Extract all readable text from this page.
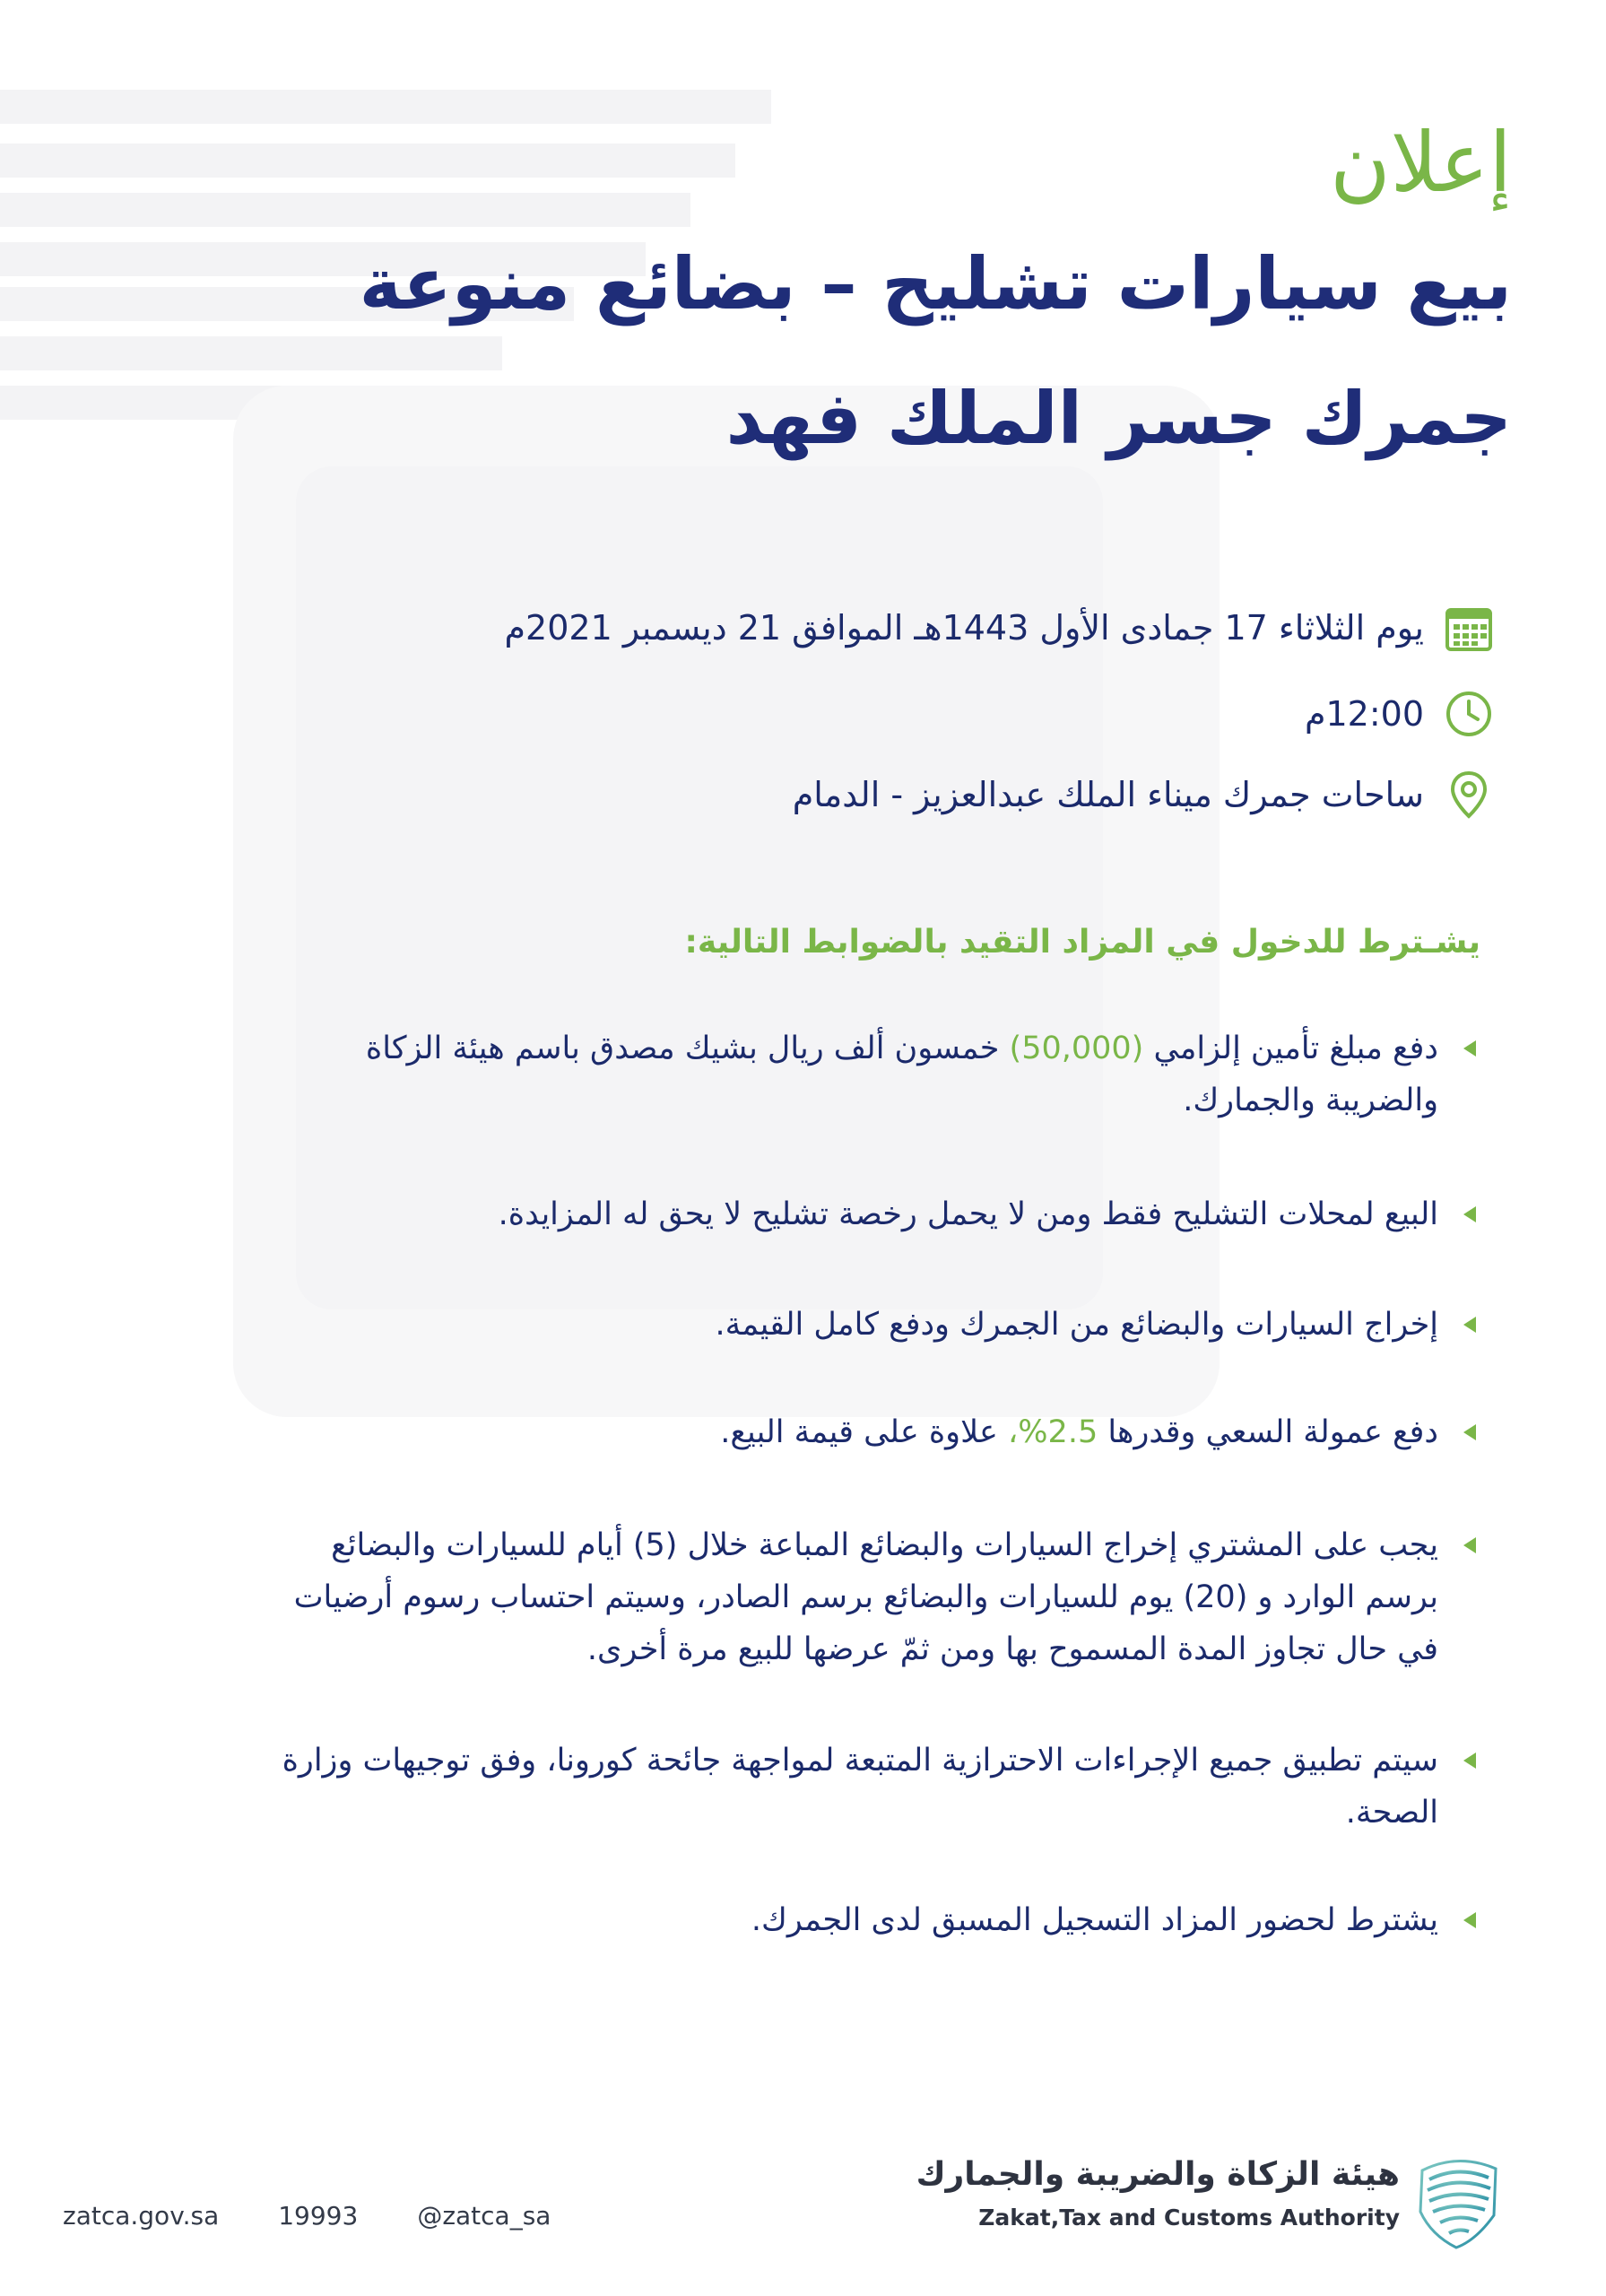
إعلان
بيع سيارات تشليح – بضائع منوعة
جمرك جسر الملك فهد
يوم الثلاثاء 17 جمادى الأول 1443هـ الموافق 21 ديسمبر 2021م
12:00م
ساحات جمرك ميناء الملك عبدالعزيز - الدمام
يشـترط للدخول في المزاد التقيد بالضوابط التالية:
دفع مبلغ تأمين إلزامي (50,000) خمسون ألف ريال بشيك مصدق باسم هيئة الزكاة والضريبة والجمارك.
البيع لمحلات التشليح فقط ومن لا يحمل رخصة تشليح لا يحق له المزايدة.
إخراج السيارات والبضائع من الجمرك ودفع كامل القيمة.
دفع عمولة السعي وقدرها 2.5%، علاوة على قيمة البيع.
يجب على المشتري إخراج السيارات والبضائع المباعة خلال (5) أيام للسيارات والبضائع برسم الوارد و (20) يوم للسيارات والبضائع برسم الصادر، وسيتم احتساب رسوم أرضيات في حال تجاوز المدة المسموح بها ومن ثمّ عرضها للبيع مرة أخرى.
سيتم تطبيق جميع الإجراءات الاحترازية المتبعة لمواجهة جائحة كورونا، وفق توجيهات وزارة الصحة.
يشترط لحضور المزاد التسجيل المسبق لدى الجمرك.
zatca.gov.sa 19993 @zatca_sa
هيئة الزكاة والضريبة والجمارك
Zakat,Tax and Customs Authority
